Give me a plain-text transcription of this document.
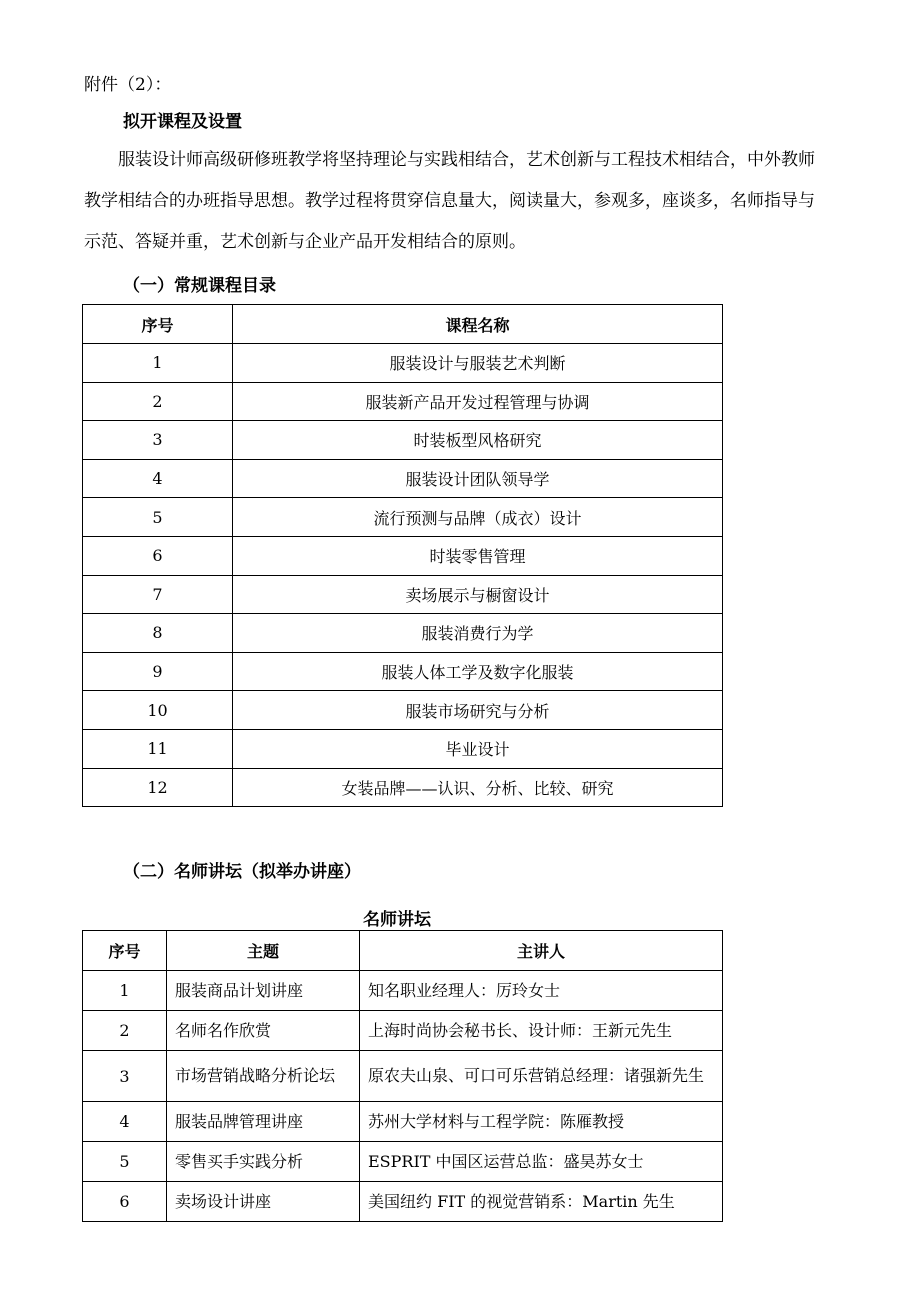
附件（2）：
拟开课程及设置
服装设计师高级研修班教学将坚持理论与实践相结合，艺术创新与工程技术相结合，中外教师教学相结合的办班指导思想。教学过程将贯穿信息量大，阅读量大，参观多，座谈多，名师指导与示范、答疑并重，艺术创新与企业产品开发相结合的原则。
（一）常规课程目录
序号	课程名称
1	服装设计与服装艺术判断
2	服装新产品开发过程管理与协调
3	时装板型风格研究
4	服装设计团队领导学
5	流行预测与品牌（成衣）设计
6	时装零售管理
7	卖场展示与橱窗设计
8	服装消费行为学
9	服装人体工学及数字化服装
10	服装市场研究与分析
11	毕业设计
12	女装品牌——认识、分析、比较、研究
（二）名师讲坛（拟举办讲座）
名师讲坛
序号	主题	主讲人
1	服装商品计划讲座	知名职业经理人：厉玲女士
2	名师名作欣赏	上海时尚协会秘书长、设计师：王新元先生
3	市场营销战略分析论坛	原农夫山泉、可口可乐营销总经理：诸强新先生
4	服装品牌管理讲座	苏州大学材料与工程学院：陈雁教授
5	零售买手实践分析	ESPRIT 中国区运营总监：盛昊苏女士
6	卖场设计讲座	美国纽约 FIT 的视觉营销系：Martin 先生
